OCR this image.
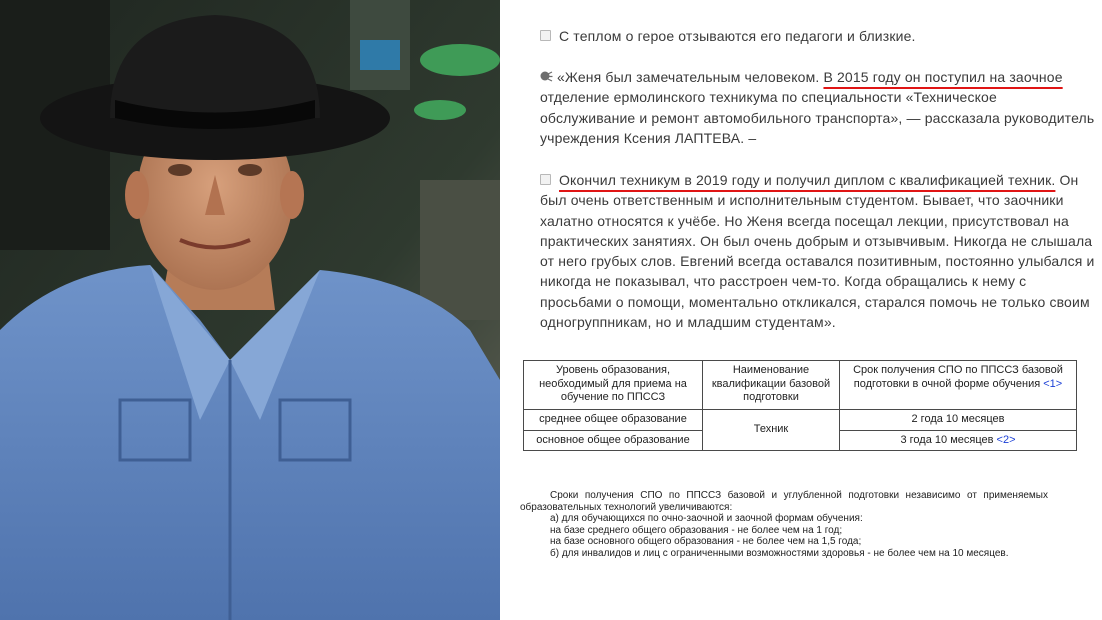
С теплом о герое отзываются его педагоги и близкие.
«Женя был замечательным человеком. В 2015 году он поступил на заочное отделение ермолинского техникума по специальности «Техническое обслуживание и ремонт автомобильного транспорта», — рассказала руководитель учреждения Ксения ЛАПТЕВА. –
Окончил техникум в 2019 году и получил диплом с квалификацией техник. Он был очень ответственным и исполнительным студентом. Бывает, что заочники халатно относятся к учёбе. Но Женя всегда посещал лекции, присутствовал на практических занятиях. Он был очень добрым и отзывчивым. Никогда не слышала от него грубых слов. Евгений всегда оставался позитивным, постоянно улыбался и никогда не показывал, что расстроен чем-то. Когда обращались к нему с просьбами о помощи, моментально откликался, старался помочь не только своим одногруппникам, но и младшим студентам».
Уровень образования, необходимый для приема на обучение по ППССЗ	Наименование квалификации базовой подготовки	Срок получения СПО по ППССЗ базовой подготовки в очной форме обучения <1>
среднее общее образование	Техник	2 года 10 месяцев
основное общее образование		3 года 10 месяцев <2>

Сроки получения СПО по ППССЗ базовой и углубленной подготовки независимо от применяемых образовательных технологий увеличиваются:

а) для обучающихся по очно-заочной и заочной формам обучения:

на базе среднего общего образования - не более чем на 1 год;

на базе основного общего образования - не более чем на 1,5 года;

б) для инвалидов и лиц с ограниченными возможностями здоровья - не более чем на 10 месяцев.
